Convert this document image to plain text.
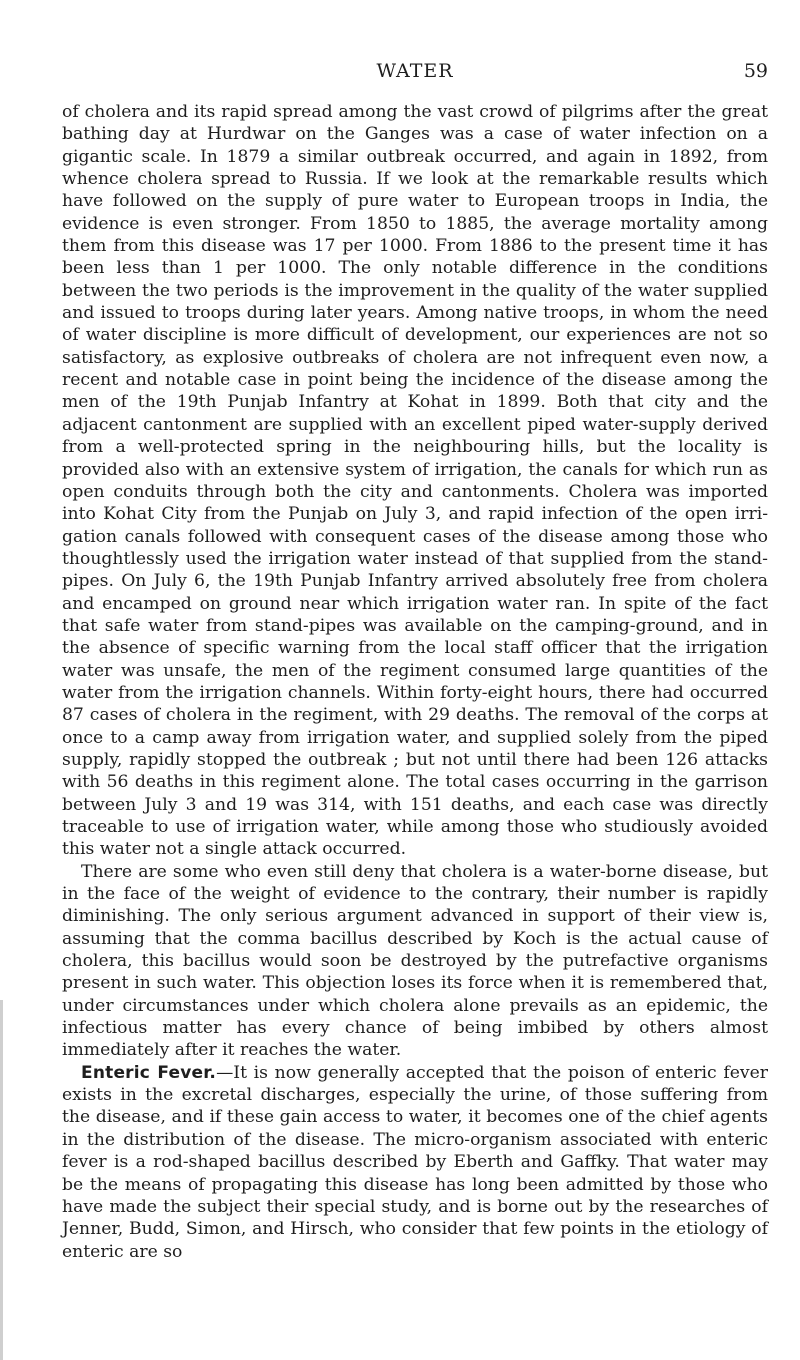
WATER	59

of cholera and its rapid spread among the vast crowd of pilgrims after the great bathing day at Hurdwar on the Ganges was a case of water infection on a gigantic scale. In 1879 a similar outbreak occurred, and again in 1892, from whence cholera spread to Russia. If we look at the remarkable results which have followed on the supply of pure water to European troops in India, the evidence is even stronger. From 1850 to 1885, the average mortality among them from this disease was 17 per 1000. From 1886 to the present time it has been less than 1 per 1000. The only notable difference in the conditions between the two periods is the improvement in the quality of the water supplied and issued to troops during later years. Among native troops, in whom the need of water discipline is more difficult of development, our experiences are not so satisfactory, as explosive outbreaks of cholera are not infrequent even now, a recent and notable case in point being the incidence of the disease among the men of the 19th Punjab Infantry at Kohat in 1899. Both that city and the adjacent cantonment are supplied with an excellent piped water-supply derived from a well-protected spring in the neighbouring hills, but the locality is provided also with an extensive system of irrigation, the canals for which run as open conduits through both the city and cantonments. Cholera was imported into Kohat City from the Punjab on July 3, and rapid infection of the open irrigation canals followed with consequent cases of the disease among those who thoughtlessly used the irrigation water instead of that supplied from the stand-pipes. On July 6, the 19th Punjab Infantry arrived absolutely free from cholera and encamped on ground near which irrigation water ran. In spite of the fact that safe water from stand-pipes was available on the camping-ground, and in the absence of specific warning from the local staff officer that the irrigation water was unsafe, the men of the regiment consumed large quantities of the water from the irrigation channels. Within forty-eight hours, there had occurred 87 cases of cholera in the regiment, with 29 deaths. The removal of the corps at once to a camp away from irrigation water, and supplied solely from the piped supply, rapidly stopped the outbreak ; but not until there had been 126 attacks with 56 deaths in this regiment alone. The total cases occurring in the garrison between July 3 and 19 was 314, with 151 deaths, and each case was directly traceable to use of irrigation water, while among those who studiously avoided this water not a single attack occurred.

There are some who even still deny that cholera is a water-borne disease, but in the face of the weight of evidence to the contrary, their number is rapidly diminishing. The only serious argument advanced in support of their view is, assuming that the comma bacillus described by Koch is the actual cause of cholera, this bacillus would soon be destroyed by the putrefactive organisms present in such water. This objection loses its force when it is remembered that, under circumstances under which cholera alone prevails as an epidemic, the infectious matter has every chance of being imbibed by others almost immediately after it reaches the water.

Enteric Fever.—It is now generally accepted that the poison of enteric fever exists in the excretal discharges, especially the urine, of those suffering from the disease, and if these gain access to water, it becomes one of the chief agents in the distribution of the disease. The micro-organism associated with enteric fever is a rod-shaped bacillus described by Eberth and Gaffky. That water may be the means of propagating this disease has long been admitted by those who have made the subject their special study, and is borne out by the researches of Jenner, Budd, Simon, and Hirsch, who consider that few points in the etiology of enteric are so
